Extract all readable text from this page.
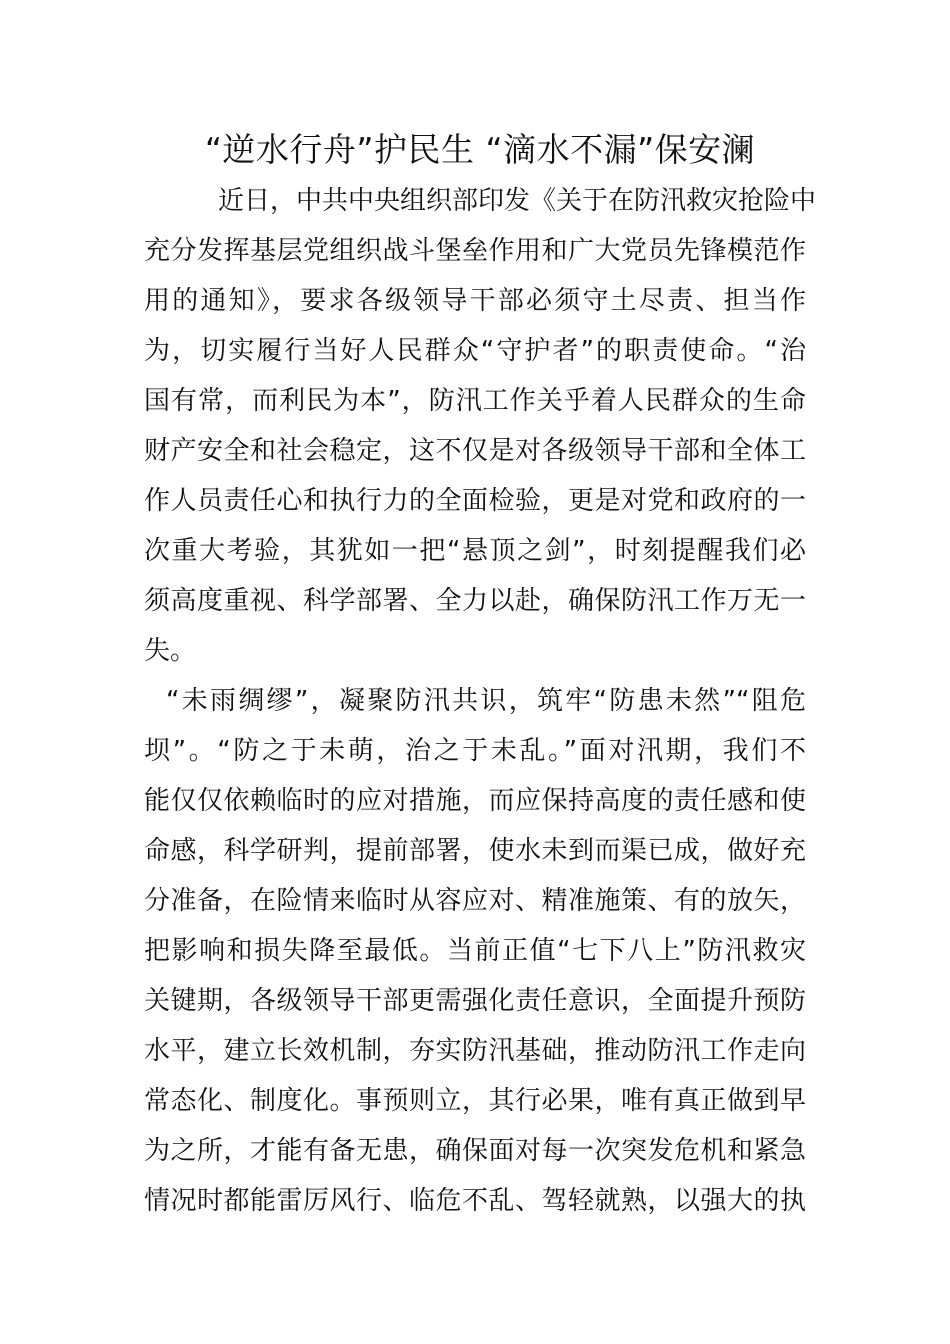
“逆水行舟”护民生 “滴水不漏”保安澜
近日，中共中央组织部印发《关于在防汛救灾抢险中
充分发挥基层党组织战斗堡垒作用和广大党员先锋模范作
用的通知》，要求各级领导干部必须守土尽责、担当作
为，切实履行当好人民群众“守护者”的职责使命。“治
国有常，而利民为本”，防汛工作关乎着人民群众的生命
财产安全和社会稳定，这不仅是对各级领导干部和全体工
作人员责任心和执行力的全面检验，更是对党和政府的一
次重大考验，其犹如一把“悬顶之剑”，时刻提醒我们必
须高度重视、科学部署、全力以赴，确保防汛工作万无一
失。
“未雨绸缪”，凝聚防汛共识，筑牢“防患未然”“阻危
坝”。“防之于未萌，治之于未乱。”面对汛期，我们不
能仅仅依赖临时的应对措施，而应保持高度的责任感和使
命感，科学研判，提前部署，使水未到而渠已成，做好充
分准备，在险情来临时从容应对、精准施策、有的放矢，
把影响和损失降至最低。当前正值“七下八上”防汛救灾
关键期，各级领导干部更需强化责任意识，全面提升预防
水平，建立长效机制，夯实防汛基础，推动防汛工作走向
常态化、制度化。事预则立，其行必果，唯有真正做到早
为之所，才能有备无患，确保面对每一次突发危机和紧急
情况时都能雷厉风行、临危不乱、驾轻就熟，以强大的执
